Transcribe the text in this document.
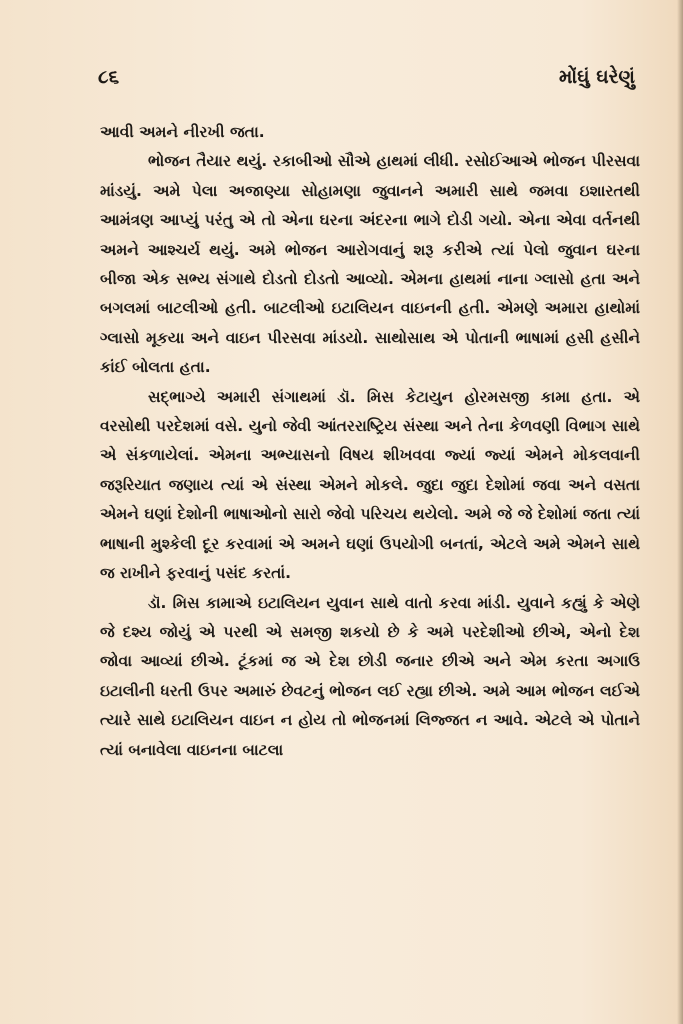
૮૬	મોંઘું ઘરેણું

આવી અમને નીરખી જતા.

ભોજન તૈયાર થયું. રકાબીઓ સૌએ હાથમાં લીધી. રસોઈઆએ ભોજન પીરસવા માંડયું. અમે પેલા અજાણ્યા સોહામણા જુવાનને અમારી સાથે જમવા ઇશારતથી આમંત્રણ આપ્યું પરંતુ એ તો એના ઘરના અંદરના ભાગે દોડી ગયો. એના એવા વર્તનથી અમને આશ્ચર્ય થયું. અમે ભોજન આરોગવાનું શરૂ કરીએ ત્યાં પેલો જુવાન ઘરના બીજા એક સભ્ય સંગાથે દોડતો દોડતો આવ્યો. એમના હાથમાં નાના ગ્લાસો હતા અને બગલમાં બાટલીઓ હતી. બાટલીઓ ઇટાલિયન વાઇનની હતી. એમણે અમારા હાથોમાં ગ્લાસો મૂકયા અને વાઇન પીરસવા માંડયો. સાથોસાથ એ પોતાની ભાષામાં હસી હસીને કાંઈ બોલતા હતા.

સદ્ભાગ્યે અમારી સંગાથમાં ડૉ. મિસ કેટાયુન હોરમસજી કામા હતા. એ વરસોથી પરદેશમાં વસે. યુનો જેવી આંતરરાષ્ટ્રિય સંસ્થા અને તેના કેળવણી વિભાગ સાથે એ સંકળાયેલાં. એમના અભ્યાસનો વિષય શીખવવા જ્યાં જ્યાં એમને મોકલવાની જરૂરિયાત જણાય ત્યાં એ સંસ્થા એમને મોકલે. જુદા જુદા દેશોમાં જવા અને વસતા એમને ઘણાં દેશોની ભાષાઓનો સારો જેવો પરિચય થયેલો. અમે જે જે દેશોમાં જતા ત્યાં ભાષાની મુશ્કેલી દૂર કરવામાં એ અમને ઘણાં ઉપયોગી બનતાં, એટલે અમે એમને સાથે જ રાખીને ફરવાનું પસંદ કરતાં.

ડૉ. મિસ કામાએ ઇટાલિયન યુવાન સાથે વાતો કરવા માંડી. યુવાને કહ્યું કે એણે જે દશ્ય જોયું એ પરથી એ સમજી શકયો છે કે અમે પરદેશીઓ છીએ, એનો દેશ જોવા આવ્યાં છીએ. ટૂંકમાં જ એ દેશ છોડી જનાર છીએ અને એમ કરતા અગાઉ ઇટાલીની ધરતી ઉપર અમારું છેવટનું ભોજન લઈ રહ્યા છીએ. અમે આમ ભોજન લઈએ ત્યારે સાથે ઇટાલિયન વાઇન ન હોય તો ભોજનમાં લિજ્જત ન આવે. એટલે એ પોતાને ત્યાં બનાવેલા વાઇનના બાટલા
